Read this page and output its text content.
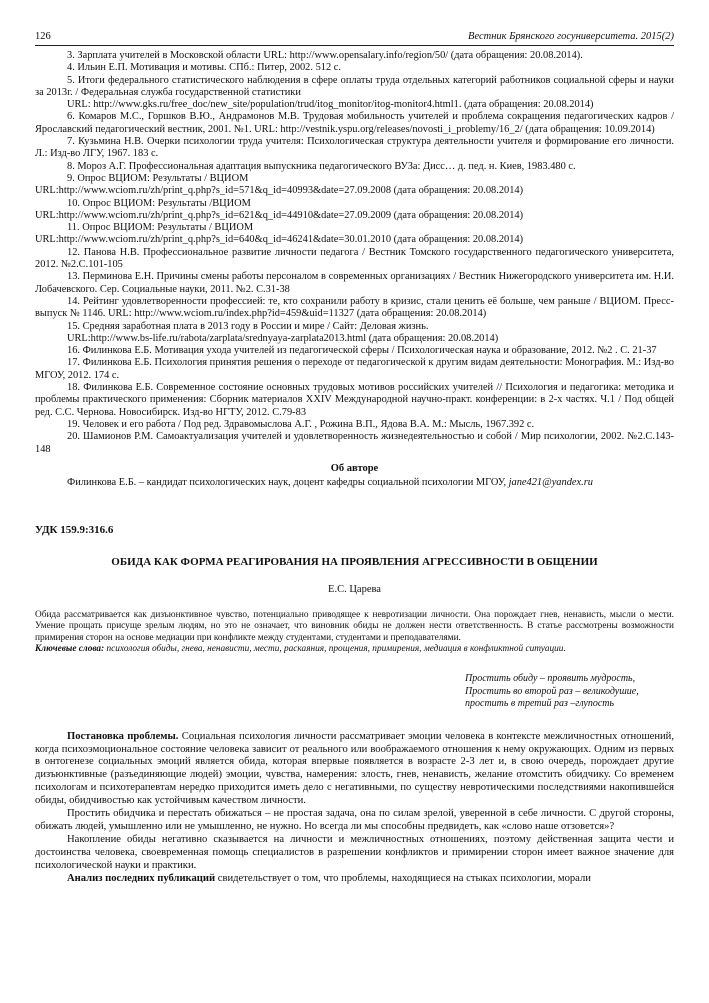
126	Вестник Брянского госуниверситета. 2015(2)

3. Зарплата учителей в Московской области URL: http://www.opensalary.info/region/50/ (дата обращения: 20.08.2014).

4. Ильин Е.П. Мотивация и мотивы. СПб.: Питер, 2002. 512 с.

5. Итоги федерального статистического наблюдения в сфере оплаты труда отдельных категорий работников социальной сферы и науки за 2013г. / Федеральная служба государственной статистики

URL: http://www.gks.ru/free_doc/new_site/population/trud/itog_monitor/itog-monitor4.html1. (дата обращения: 20.08.2014)

6. Комаров М.С., Горшков В.Ю., Андрамонов М.В. Трудовая мобильность учителей и проблема сокращения педагогических кадров / Ярославский педагогический вестник, 2001. №1. URL: http://vestnik.yspu.org/releases/novosti_i_problemy/16_2/ (дата обращения: 10.09.2014)

7. Кузьмина Н.В. Очерки психологии труда учителя: Психологическая структура деятельности учителя и формирование его личности. Л.: Изд-во ЛГУ, 1967. 183 с.

8. Мороз А.Г. Профессиональная адаптация выпускника педагогического ВУЗа: Дисс… д. пед. н. Киев, 1983.480 с.

9. Опрос ВЦИОМ: Результаты / ВЦИОМ

URL:http://www.wciom.ru/zh/print_q.php?s_id=571&q_id=40993&date=27.09.2008 (дата обращения: 20.08.2014)

10. Опрос ВЦИОМ: Результаты /ВЦИОМ

URL:http://www.wciom.ru/zh/print_q.php?s_id=621&q_id=44910&date=27.09.2009 (дата обращения: 20.08.2014)

11. Опрос ВЦИОМ: Результаты / ВЦИОМ

URL:http://www.wciom.ru/zh/print_q.php?s_id=640&q_id=46241&date=30.01.2010 (дата обращения: 20.08.2014)

12. Панова Н.В. Профессиональное развитие личности педагога / Вестник Томского государственного педагогического университета, 2012. №2.С.101-105

13. Перминова Е.Н. Причины смены работы персоналом в современных организациях / Вестник Нижегородского университета им. Н.И. Лобачевского. Сер. Социальные науки, 2011. №2. С.31-38

14. Рейтинг удовлетворенности профессией: те, кто сохранили работу в кризис, стали ценить её больше, чем раньше / ВЦИОМ. Пресс-выпуск № 1146. URL: http://www.wciom.ru/index.php?id=459&uid=11327 (дата обращения: 20.08.2014)

15. Средняя заработная плата в 2013 году в России и мире / Сайт: Деловая жизнь.

URL:http://www.bs-life.ru/rabota/zarplata/srednyaya-zarplata2013.html (дата обращения: 20.08.2014)

16. Филинкова Е.Б. Мотивация ухода учителей из педагогической сферы / Психологическая наука и образование, 2012. №2 . С. 21-37

17. Филинкова Е.Б. Психология принятия решения о переходе от педагогической к другим видам деятельности: Монография. М.: Изд-во МГОУ, 2012. 174 с.

18. Филинкова Е.Б. Современное состояние основных трудовых мотивов российских учителей // Психология и педагогика: методика и проблемы практического применения: Сборник материалов XXIV Международной научно-практ. конференции: в 2-х частях. Ч.1 / Под общей ред. С.С. Чернова. Новосибирск. Изд-во НГТУ, 2012. С.79-83

19. Человек и его работа / Под ред. Здравомыслова А.Г. , Рожина В.П., Ядова В.А. М.: Мысль, 1967.392 с.

20. Шамионов Р.М. Самоактуализация учителей и удовлетворенность жизнедеятельностью и собой / Мир психологии, 2002. №2.С.143-148

Об авторе

Филинкова Е.Б. – кандидат психологических наук, доцент кафедры социальной психологии МГОУ, jane421@yandex.ru

УДК 159.9:316.6
ОБИДА КАК ФОРМА РЕАГИРОВАНИЯ НА ПРОЯВЛЕНИЯ АГРЕССИВНОСТИ В ОБЩЕНИИ
Е.С. Царева

Обида рассматривается как дизъюнктивное чувство, потенциально приводящее к невротизации личности. Она порождает гнев, ненависть, мысли о мести. Умение прощать присуще зрелым людям, но это не означает, что виновник обиды не должен нести ответственность. В статье рассмотрены возможности примирения сторон на основе медиации при конфликте между студентами, студентами и преподавателями.

Ключевые слова: психология обиды, гнева, ненависти, мести, раскаяния, прощения, примирения, медиация в конфликтной ситуации.

Простить обиду – проявить мудрость,
Простить во второй раз – великодушие,
простить в третий раз –глупость

Постановка проблемы. Социальная психология личности рассматривает эмоции человека в контексте межличностных отношений, когда психоэмоциональное состояние человека зависит от реального или воображаемого отношения к нему окружающих. Одним из первых в онтогенезе социальных эмоций является обида, которая впервые появляется в возрасте 2-3 лет и, в свою очередь, порождает другие дизъюнктивные (разъединяющие людей) эмоции, чувства, намерения: злость, гнев, ненависть, желание отомстить обидчику. Со временем психологам и психотерапевтам нередко приходится иметь дело с негативными, по существу невротическими последствиями накопившейся обиды, обидчивостью как устойчивым качеством личности.

Простить обидчика и перестать обижаться – не простая задача, она по силам зрелой, уверенной в себе личности. С другой стороны, обижать людей, умышленно или не умышленно, не нужно. Но всегда ли мы способны предвидеть, как «слово наше отзовется»?

Накопление обиды негативно сказывается на личности и межличностных отношениях, поэтому действенная защита чести и достоинства человека, своевременная помощь специалистов в разрешении конфликтов и примирении сторон имеет важное значение для психологической науки и практики.

Анализ последних публикаций свидетельствует о том, что проблемы, находящиеся на стыках психологии, морали
